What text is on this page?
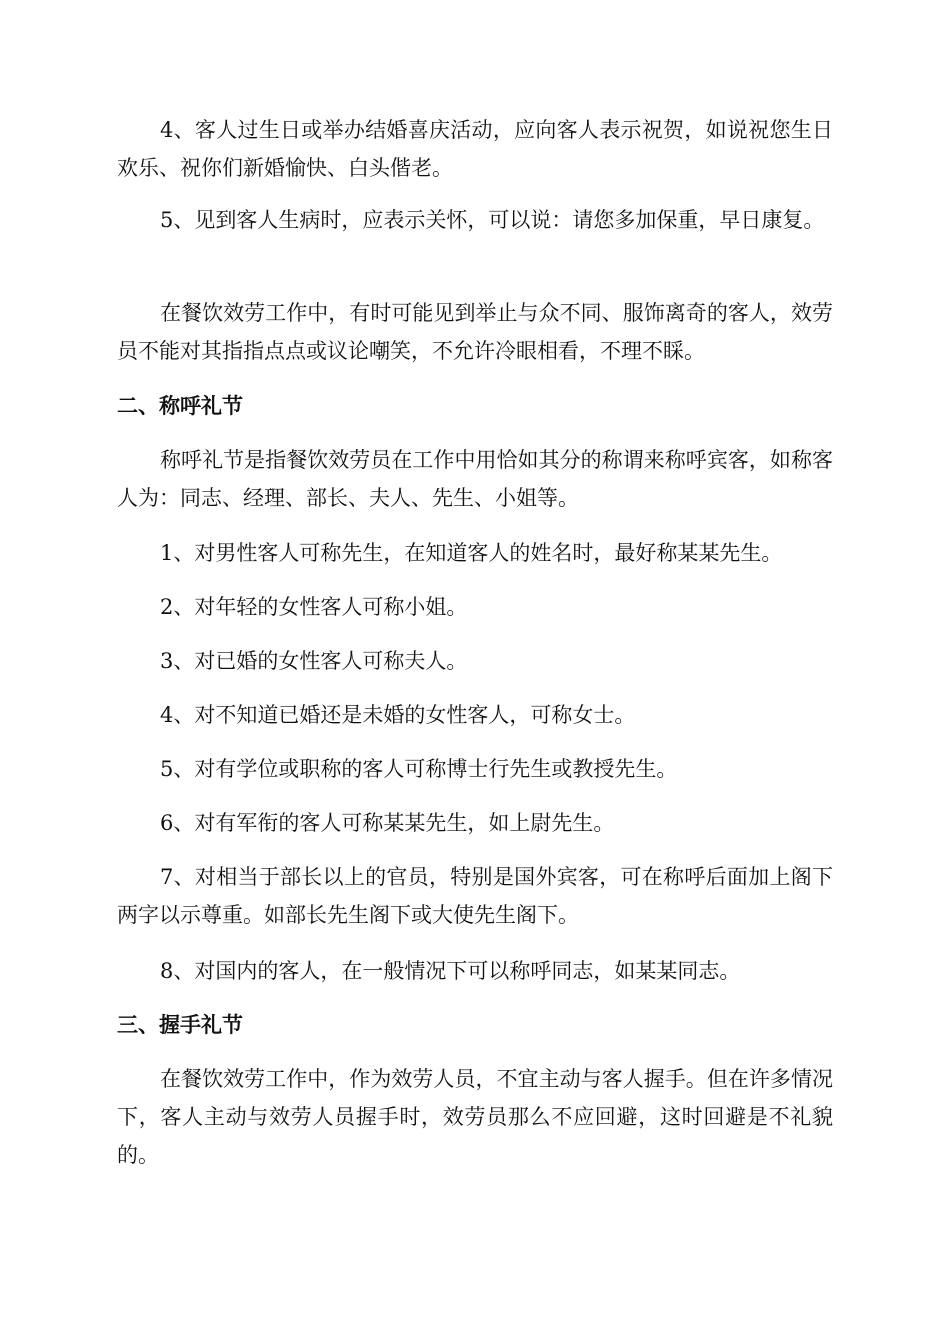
4、客人过生日或举办结婚喜庆活动，应向客人表示祝贺，如说祝您生日欢乐、祝你们新婚愉快、白头偕老。

5、见到客人生病时，应表示关怀，可以说：请您多加保重，早日康复。

在餐饮效劳工作中，有时可能见到举止与众不同、服饰离奇的客人，效劳员不能对其指指点点或议论嘲笑，不允许冷眼相看，不理不睬。

二、称呼礼节

称呼礼节是指餐饮效劳员在工作中用恰如其分的称谓来称呼宾客，如称客人为：同志、经理、部长、夫人、先生、小姐等。

1、对男性客人可称先生，在知道客人的姓名时，最好称某某先生。

2、对年轻的女性客人可称小姐。

3、对已婚的女性客人可称夫人。

4、对不知道已婚还是未婚的女性客人，可称女士。

5、对有学位或职称的客人可称博士行先生或教授先生。

6、对有军衔的客人可称某某先生，如上尉先生。

7、对相当于部长以上的官员，特别是国外宾客，可在称呼后面加上阁下两字以示尊重。如部长先生阁下或大使先生阁下。

8、对国内的客人，在一般情况下可以称呼同志，如某某同志。

三、握手礼节

在餐饮效劳工作中，作为效劳人员，不宜主动与客人握手。但在许多情况下，客人主动与效劳人员握手时，效劳员那么不应回避，这时回避是不礼貌的。
